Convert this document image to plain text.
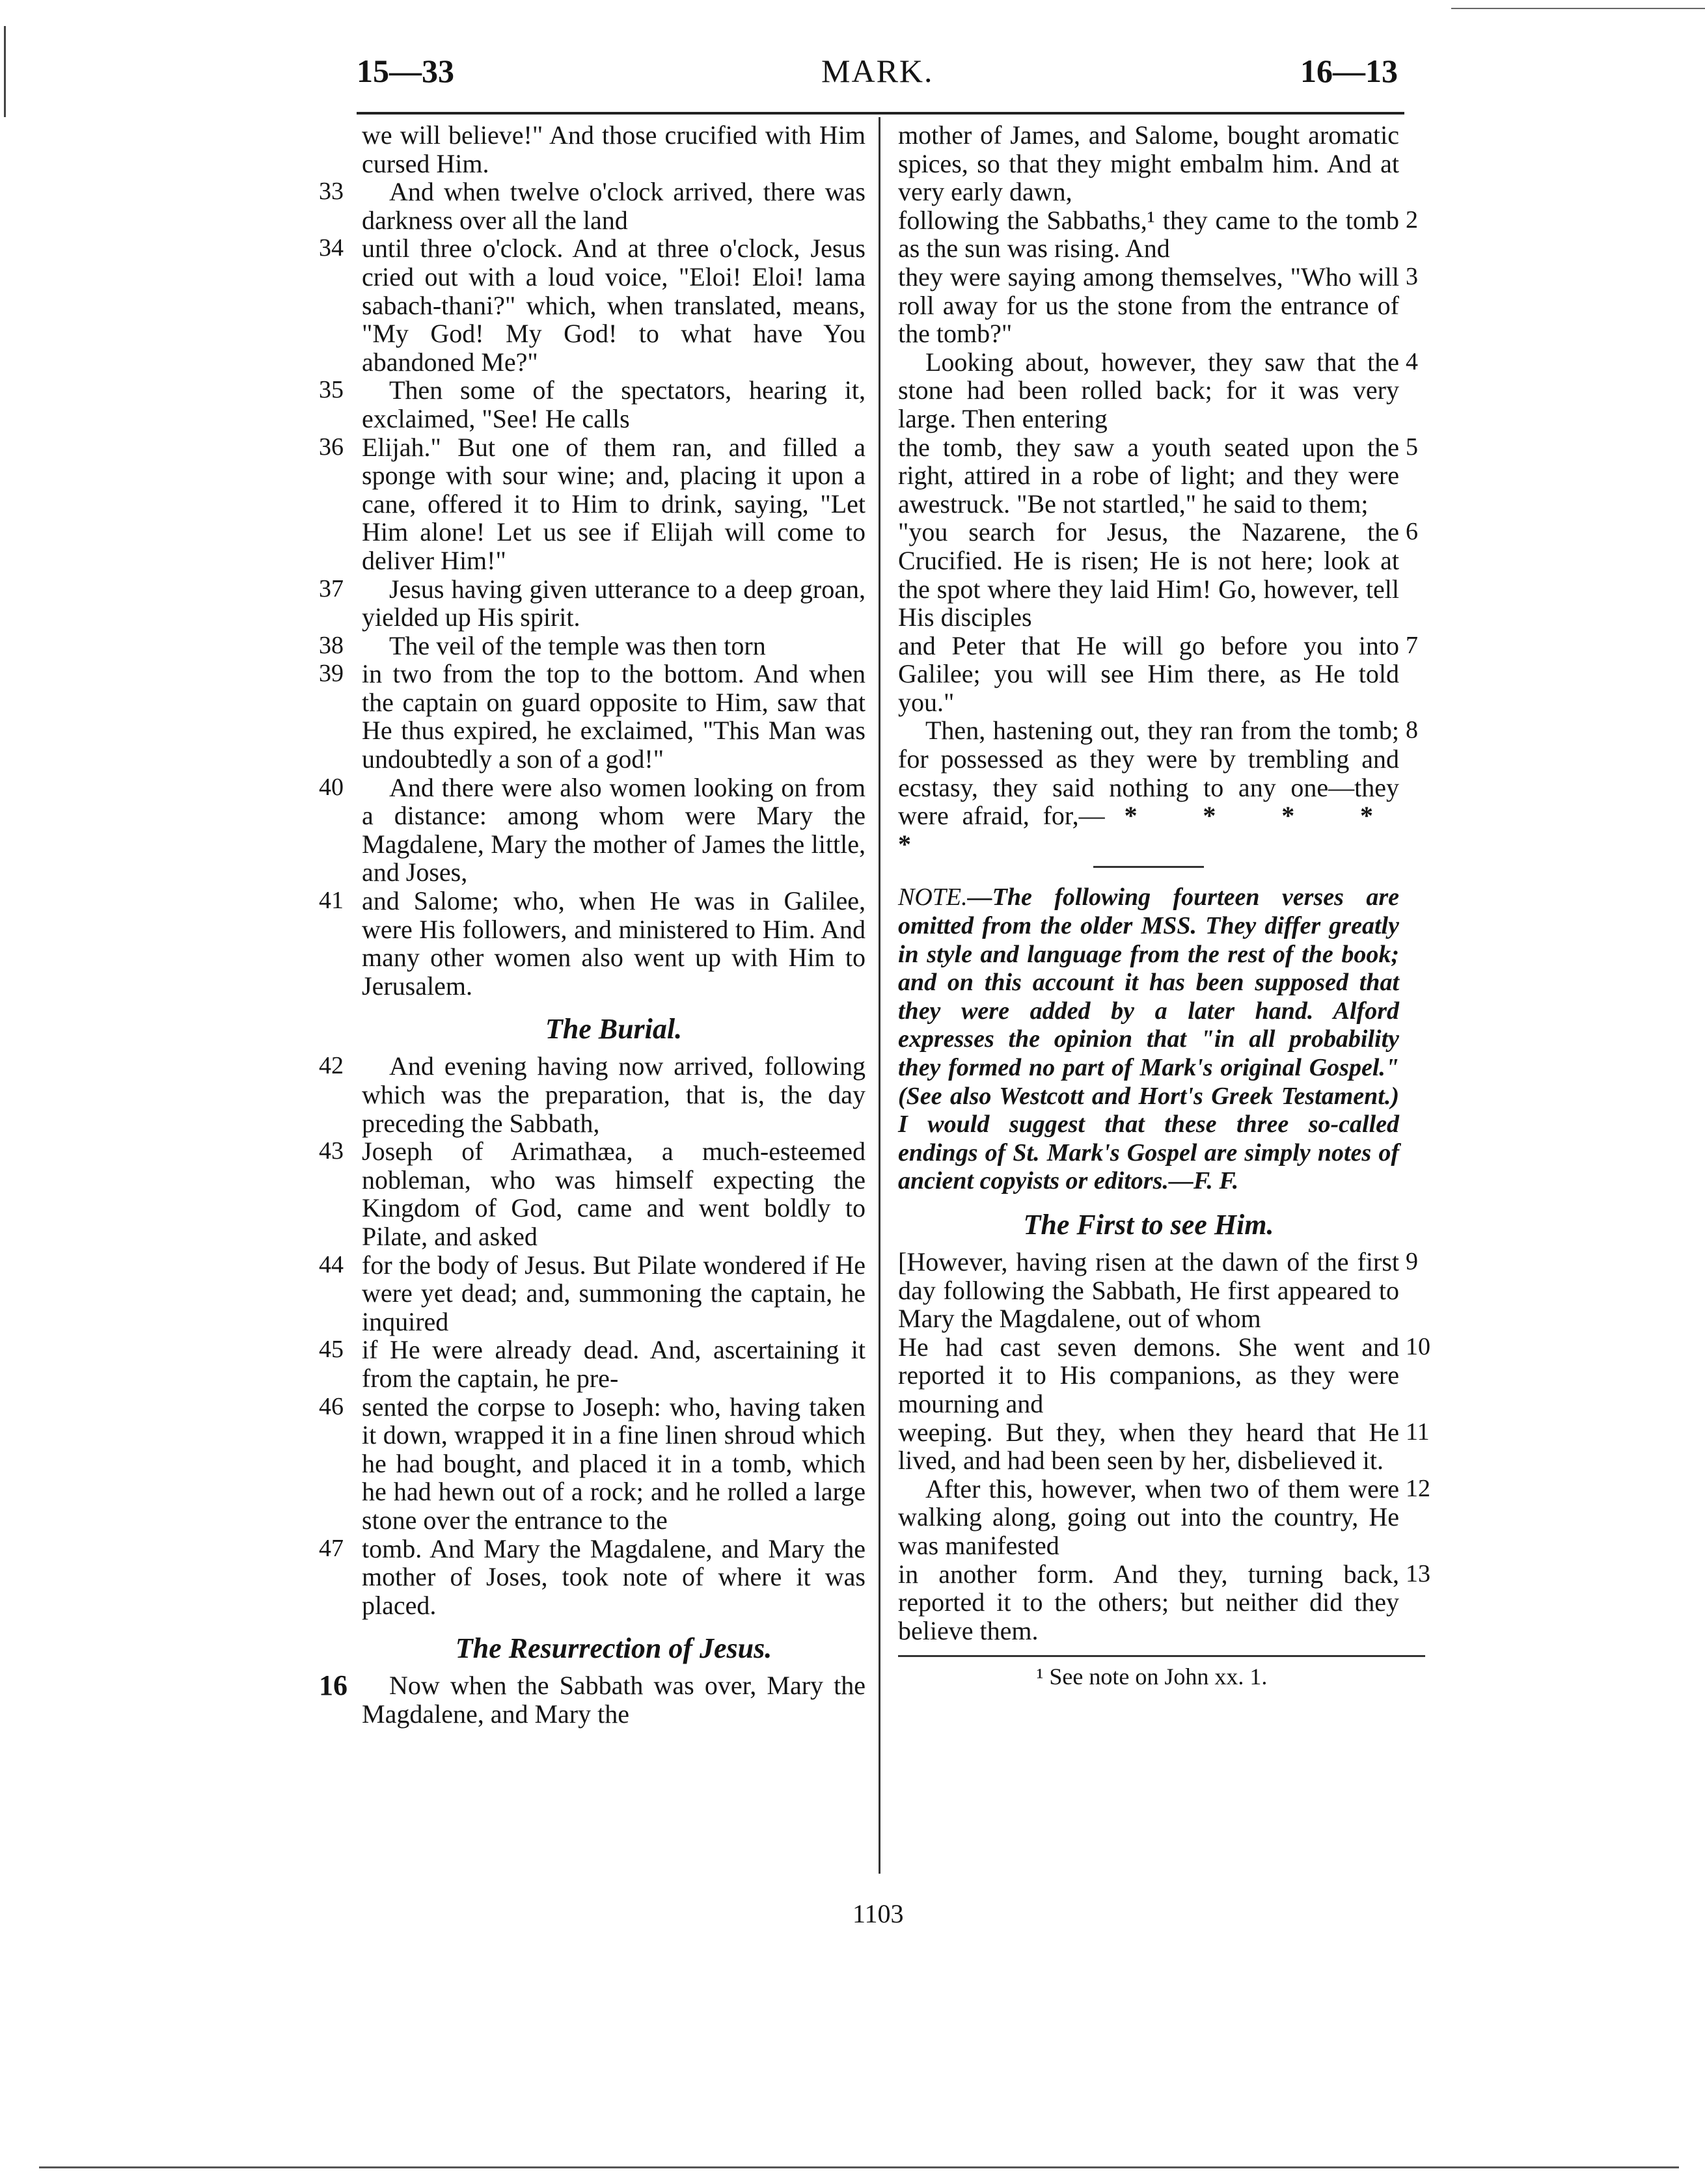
15—33	MARK.	16—13
we will believe!" And those crucified with Him cursed Him.
33	And when twelve o'clock arrived, there was darkness over all the land
34 until three o'clock. And at three o'clock, Jesus cried out with a loud voice, "Eloi! Eloi! lama sabach-thani?" which, when translated, means, "My God! My God! to what have You abandoned Me?"
35	Then some of the spectators, hearing it, exclaimed, "See! He calls
36 Elijah." But one of them ran, and filled a sponge with sour wine; and, placing it upon a cane, offered it to Him to drink, saying, "Let Him alone! Let us see if Elijah will come to deliver Him!"
37	Jesus having given utterance to a deep groan, yielded up His spirit.
38	The veil of the temple was then torn
39 in two from the top to the bottom. And when the captain on guard opposite to Him, saw that He thus expired, he exclaimed, "This Man was undoubtedly a son of a god!"
40	And there were also women looking on from a distance: among whom were Mary the Magdalene, Mary the mother of James the little, and Joses,
41 and Salome; who, when He was in Galilee, were His followers, and ministered to Him. And many other women also went up with Him to Jerusalem.
The Burial.
42	And evening having now arrived, following which was the preparation, that is, the day preceding the Sabbath,
43 Joseph of Arimathæa, a much-esteemed nobleman, who was himself expecting the Kingdom of God, came and went boldly to Pilate, and asked
44 for the body of Jesus. But Pilate wondered if He were yet dead; and, summoning the captain, he inquired
45 if He were already dead. And, ascertaining it from the captain, he pre-
46 sented the corpse to Joseph: who, having taken it down, wrapped it in a fine linen shroud which he had bought, and placed it in a tomb, which he had hewn out of a rock; and he rolled a large stone over the entrance to the
47 tomb. And Mary the Magdalene, and Mary the mother of Joses, took note of where it was placed.
The Resurrection of Jesus.
16	Now when the Sabbath was over, Mary the Magdalene, and Mary the
mother of James, and Salome, bought aromatic spices, so that they might embalm him. And at very early dawn,
2
following the Sabbaths,¹ they came to the tomb as the sun was rising. And
3
they were saying among themselves, "Who will roll away for us the stone from the entrance of the tomb?"
4
Looking about, however, they saw that the stone had been rolled back; for it was very large. Then entering
5
the tomb, they saw a youth seated upon the right, attired in a robe of light; and they were awestruck. "Be not startled," he said to them;
6
"you search for Jesus, the Nazarene, the Crucified. He is risen; He is not here; look at the spot where they laid Him! Go, however, tell His disciples
7
and Peter that He will go before you into Galilee; you will see Him there, as He told you."
8
Then, hastening out, they ran from the tomb; for possessed as they were by trembling and ecstasy, they said nothing to any one—they were afraid, for,— * * * * *
NOTE.—The following fourteen verses are omitted from the older MSS. They differ greatly in style and language from the rest of the book; and on this account it has been supposed that they were added by a later hand. Alford expresses the opinion that "in all probability they formed no part of Mark's original Gospel." (See also Westcott and Hort's Greek Testament.) I would suggest that these three so-called endings of St. Mark's Gospel are simply notes of ancient copyists or editors.—F. F.
The First to see Him.
9
[However, having risen at the dawn of the first day following the Sabbath, He first appeared to Mary the Magdalene, out of whom
10
He had cast seven demons. She went and reported it to His companions, as they were mourning and
11
weeping. But they, when they heard that He lived, and had been seen by her, disbelieved it.
12
After this, however, when two of them were walking along, going out into the country, He was manifested
13
in another form. And they, turning back, reported it to the others; but neither did they believe them.
¹ See note on John xx. 1.
1103
